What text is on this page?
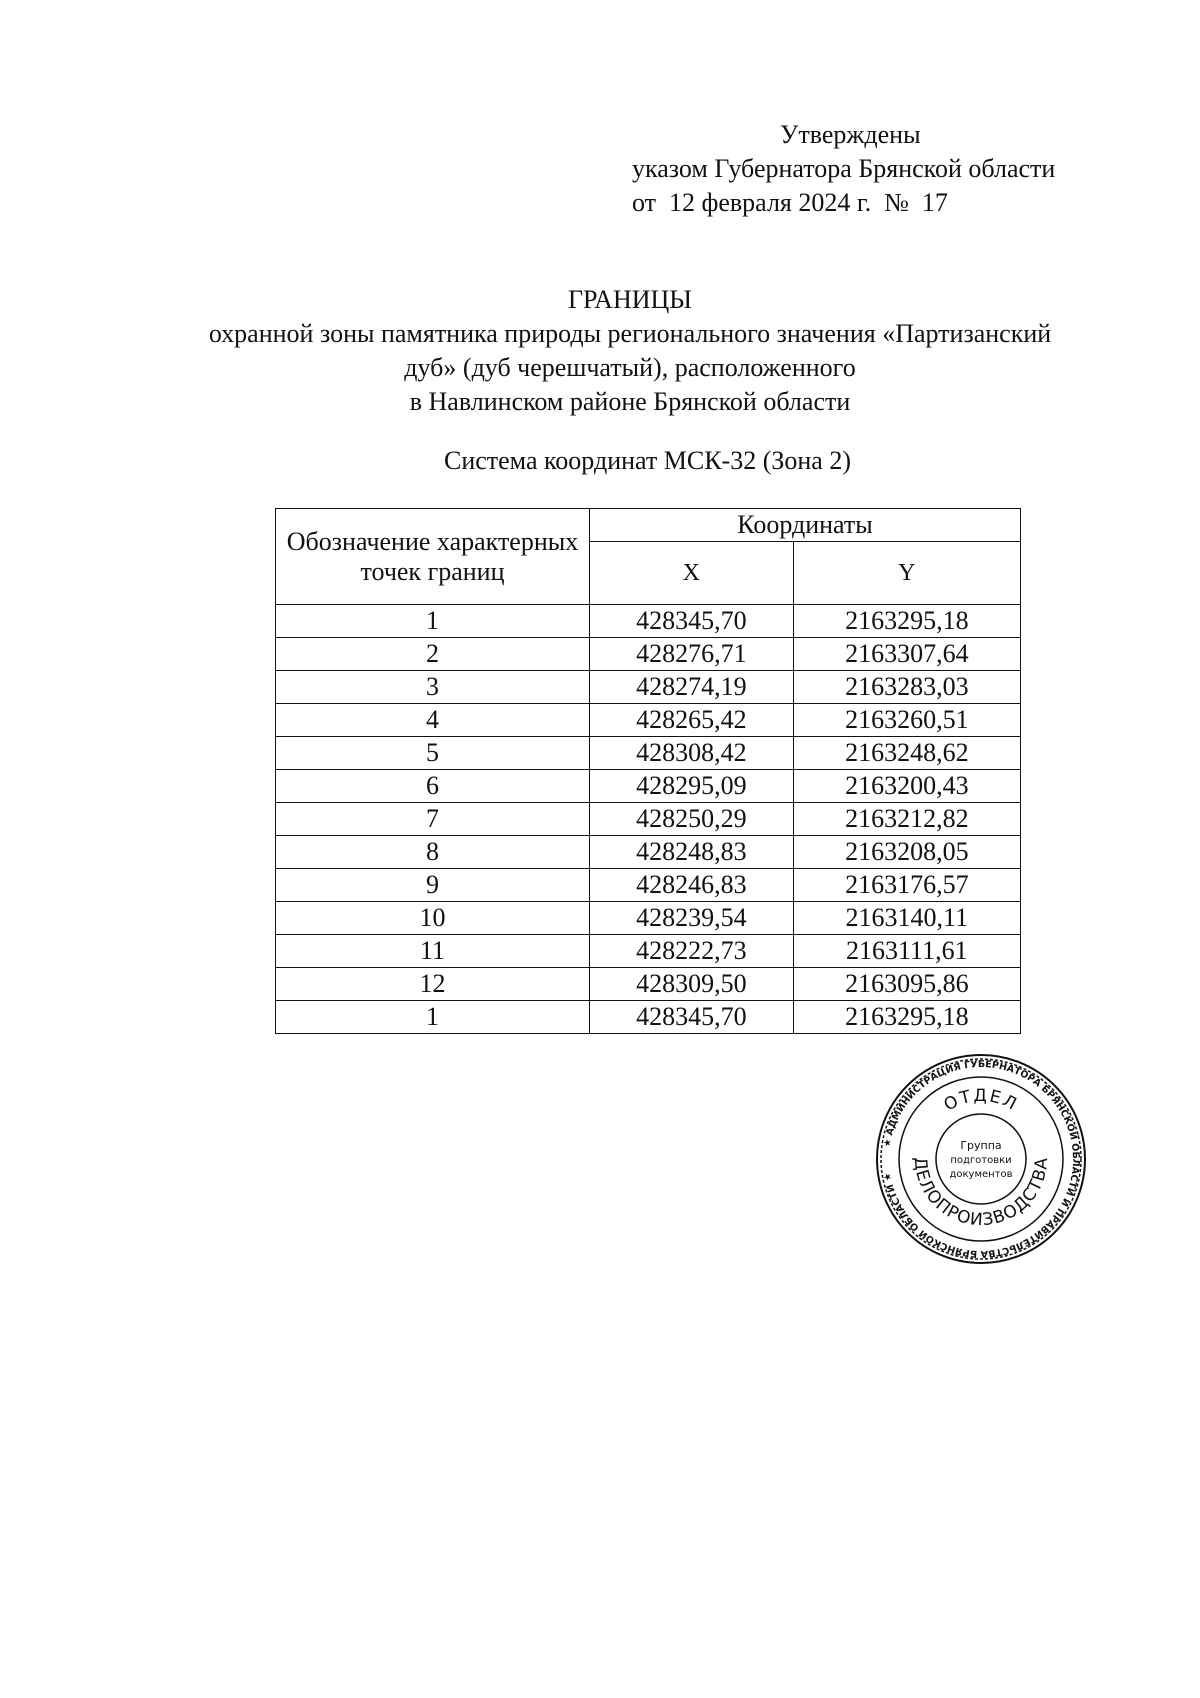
Утверждены
указом Губернатора Брянской области
от  12 февраля 2024 г.  №  17
ГРАНИЦЫ
охранной зоны памятника природы регионального значения «Партизанский
дуб» (дуб черешчатый), расположенного
в Навлинском районе Брянской области
Система координат МСК-32 (Зона 2)
Обозначение характерных точек границ	Координаты	
	X	Y
1	428345,70	2163295,18
2	428276,71	2163307,64
3	428274,19	2163283,03
4	428265,42	2163260,51
5	428308,42	2163248,62
6	428295,09	2163200,43
7	428250,29	2163212,82
8	428248,83	2163208,05
9	428246,83	2163176,57
10	428239,54	2163140,11
11	428222,73	2163111,61
12	428309,50	2163095,86
1	428345,70	2163295,18
★ АДМИНИСТРАЦИЯ ГУБЕРНАТОРА БРЯНСКОЙ ОБЛАСТИ И ПРАВИТЕЛЬСТВА БРЯНСКОЙ ОБЛАСТИ ★
ОТДЕЛ
ДЕЛОПРОИЗВОДСТВА
Группа
подготовки
документов
